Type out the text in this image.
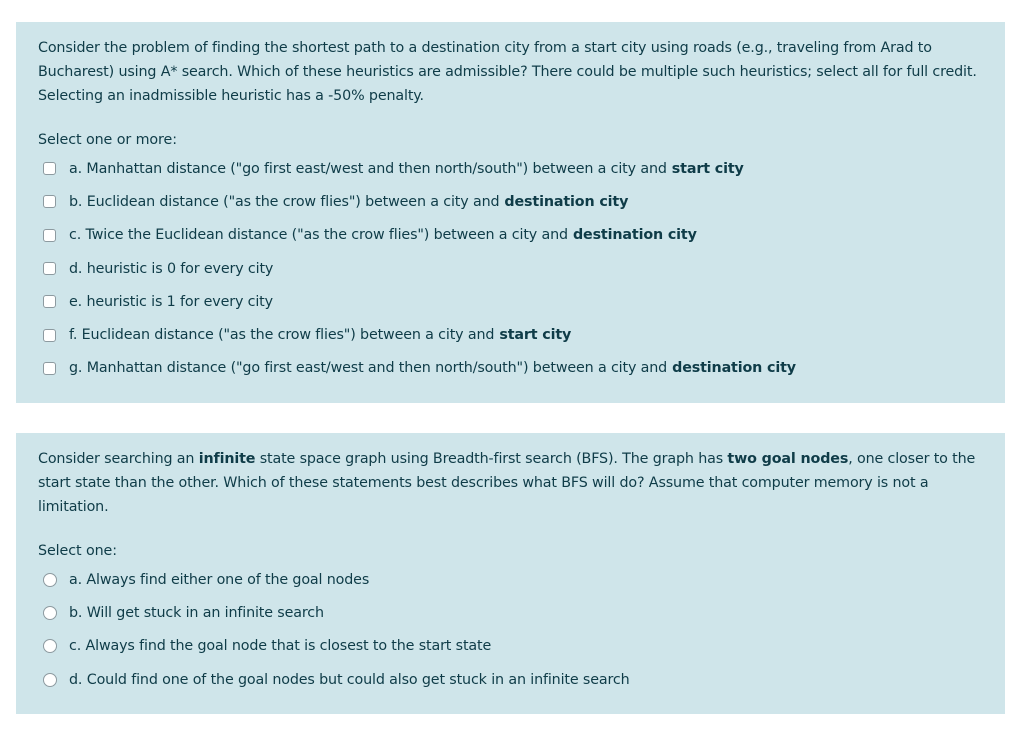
Consider the problem of finding the shortest path to a destination city from a start city using roads (e.g., traveling from Arad to Bucharest) using A* search. Which of these heuristics are admissible? There could be multiple such heuristics; select all for full credit. Selecting an inadmissible heuristic has a -50% penalty.

Select one or more:
a.
Manhattan distance ("go first east/west and then north/south") between a city and start city
b.
Euclidean distance ("as the crow flies") between a city and destination city
c.
Twice the Euclidean distance ("as the crow flies") between a city and destination city
d.
heuristic is 0 for every city
e.
heuristic is 1 for every city
f.
Euclidean distance ("as the crow flies") between a city and start city
g.
Manhattan distance ("go first east/west and then north/south") between a city and destination city

Consider searching an infinite state space graph using Breadth-first search (BFS). The graph has two goal nodes, one closer to the start state than the other. Which of these statements best describes what BFS will do? Assume that computer memory is not a limitation.

Select one:
a.
Always find either one of the goal nodes
b.
Will get stuck in an infinite search
c.
Always find the goal node that is closest to the start state
d.
Could find one of the goal nodes but could also get stuck in an infinite search
